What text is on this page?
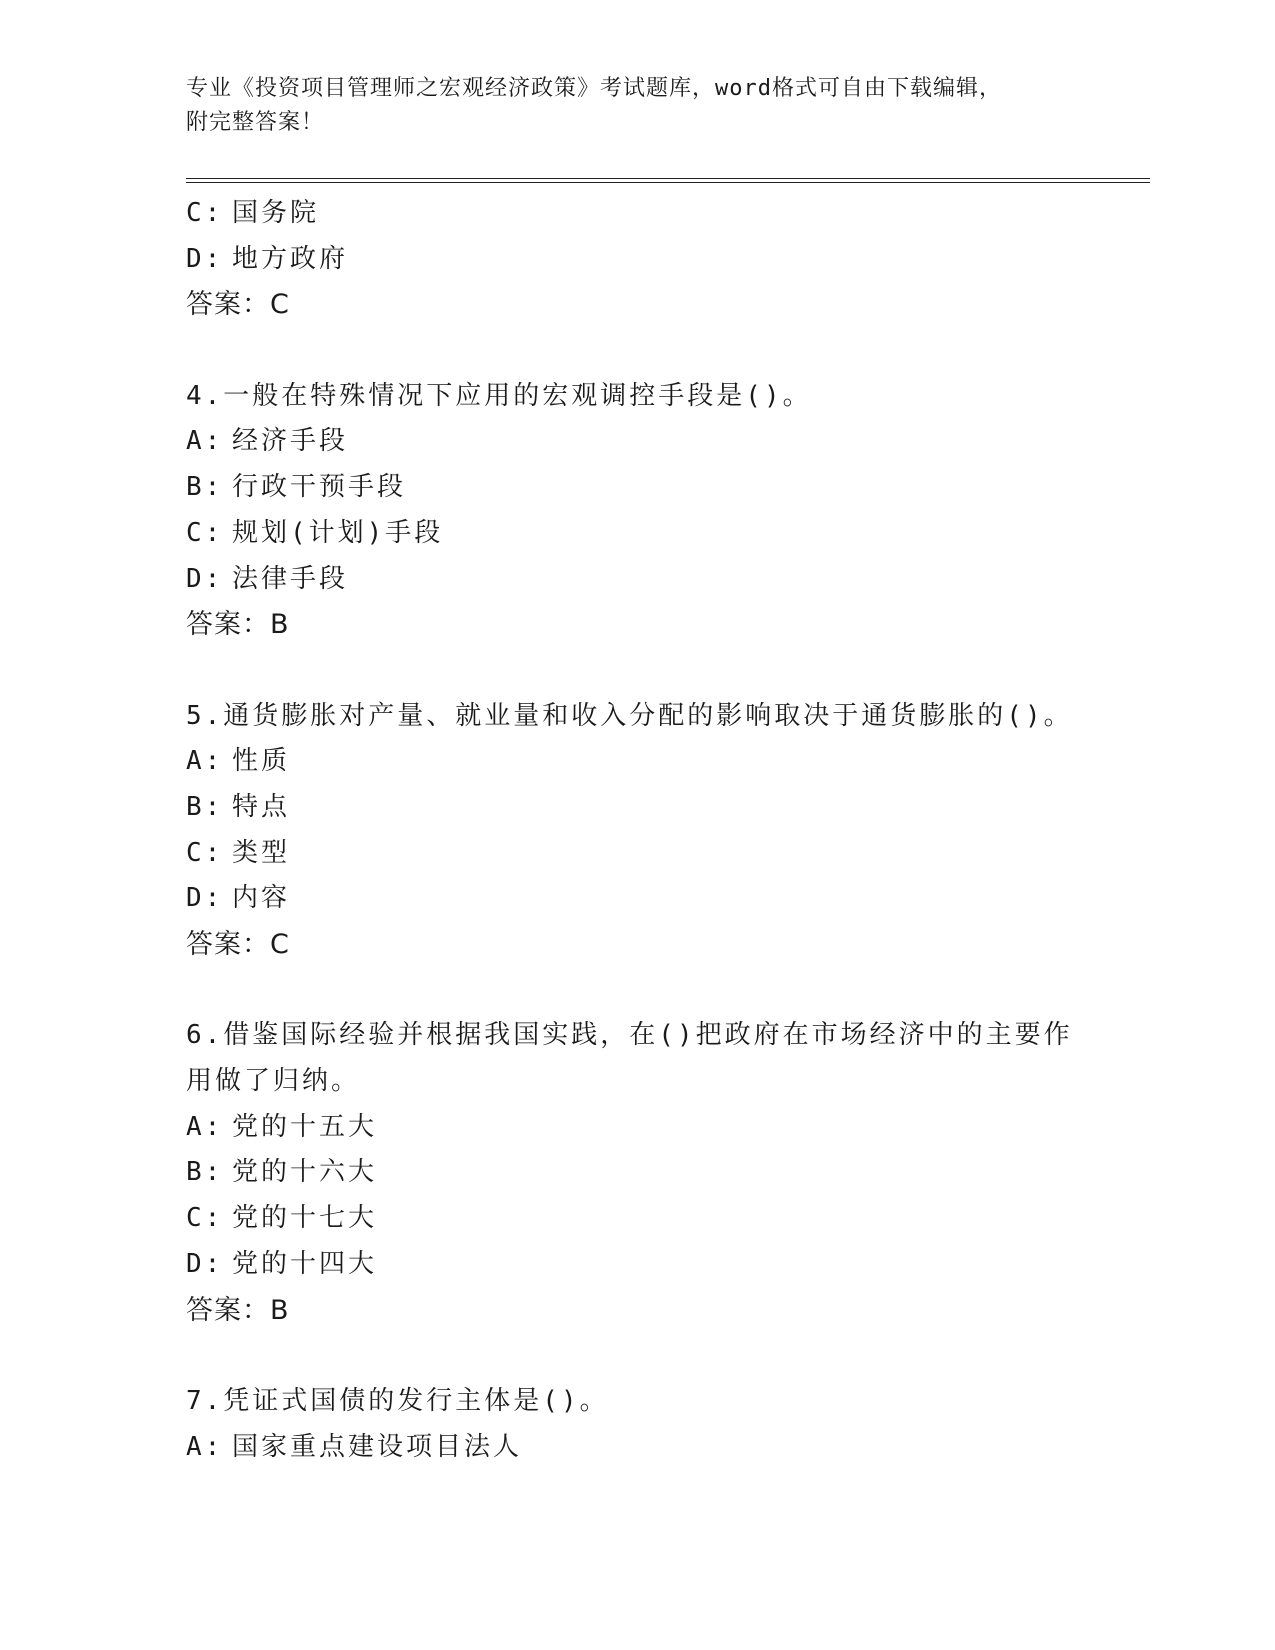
专业《投资项目管理师之宏观经济政策》考试题库，word格式可自由下载编辑，
附完整答案！
C: 国务院
D: 地方政府
答案：C
4.一般在特殊情况下应用的宏观调控手段是()。
A: 经济手段
B: 行政干预手段
C: 规划(计划)手段
D: 法律手段
答案：B
5.通货膨胀对产量、就业量和收入分配的影响取决于通货膨胀的()。
A: 性质
B: 特点
C: 类型
D: 内容
答案：C
6.借鉴国际经验并根据我国实践，在()把政府在市场经济中的主要作
用做了归纳。
A: 党的十五大
B: 党的十六大
C: 党的十七大
D: 党的十四大
答案：B
7.凭证式国债的发行主体是()。
A: 国家重点建设项目法人
